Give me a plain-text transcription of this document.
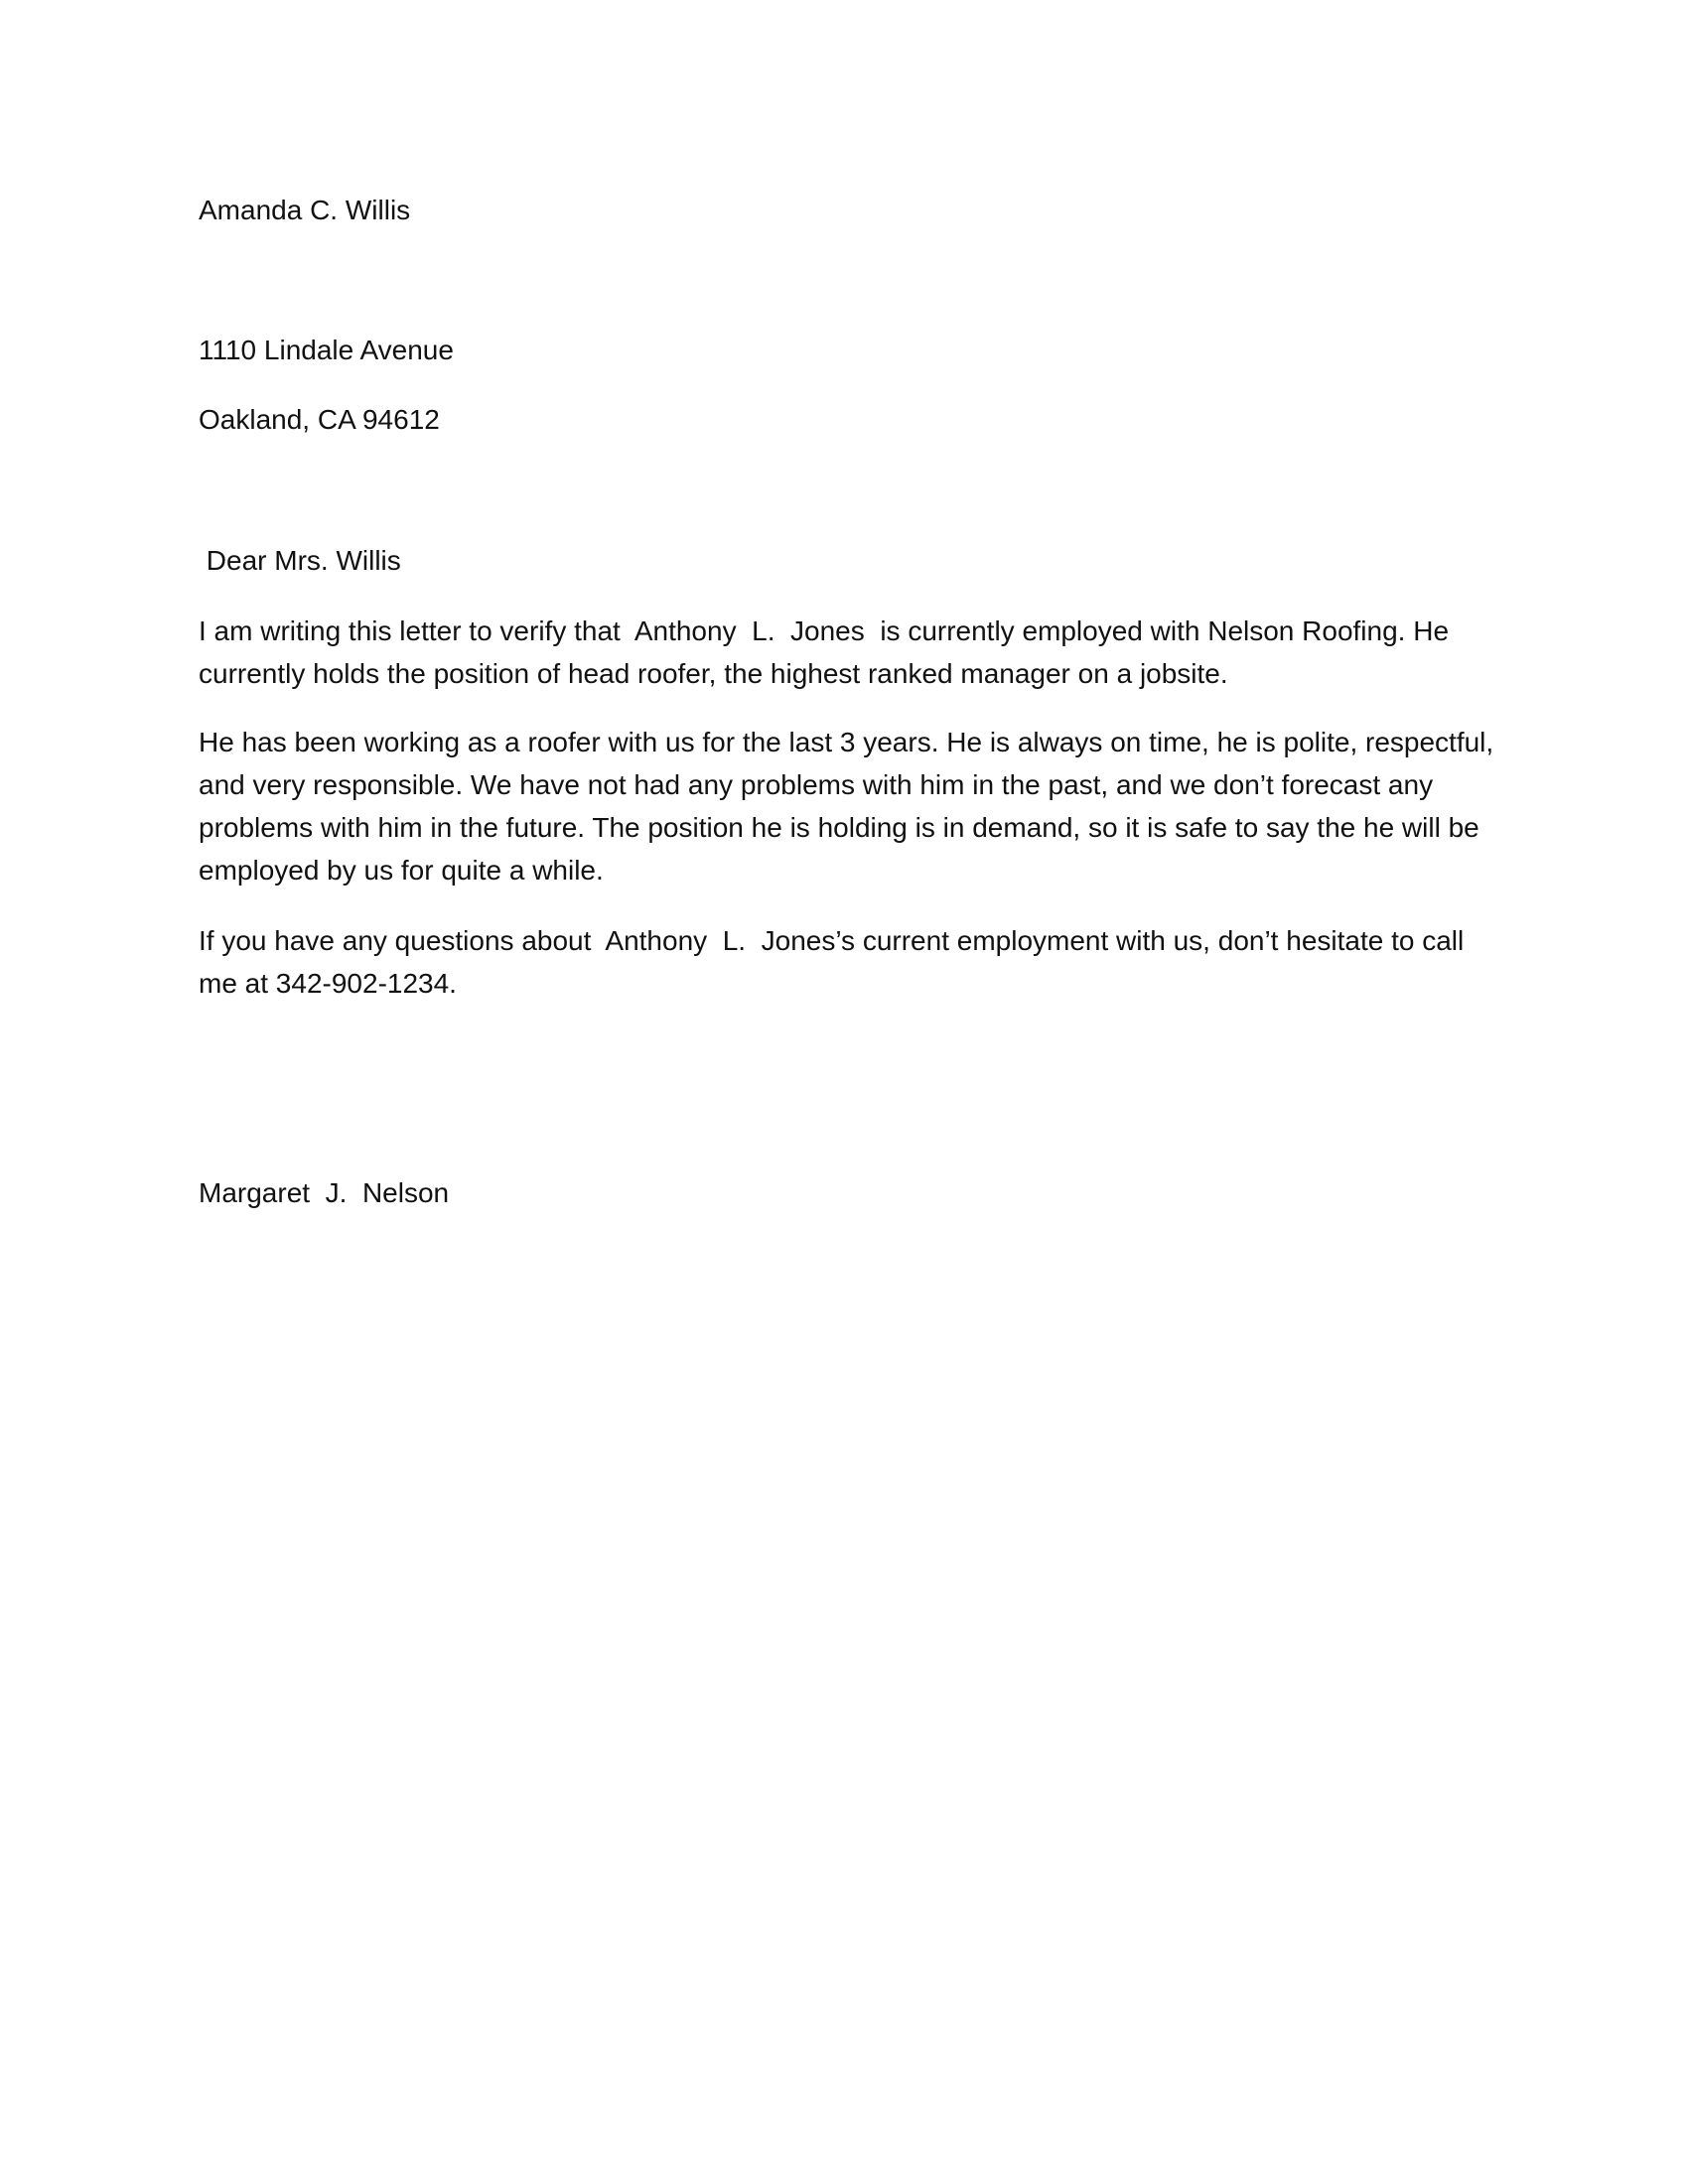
Amanda C. Willis

1110 Lindale Avenue

Oakland, CA 94612

Dear Mrs. Willis

I am writing this letter to verify that  Anthony  L.  Jones  is currently employed with Nelson Roofing. He currently holds the position of head roofer, the highest ranked manager on a jobsite.

He has been working as a roofer with us for the last 3 years. He is always on time, he is polite, respectful, and very responsible. We have not had any problems with him in the past, and we don’t forecast any problems with him in the future. The position he is holding is in demand, so it is safe to say the he will be employed by us for quite a while.

If you have any questions about  Anthony  L.  Jones’s current employment with us, don’t hesitate to call me at 342-902-1234.

Margaret  J.  Nelson
